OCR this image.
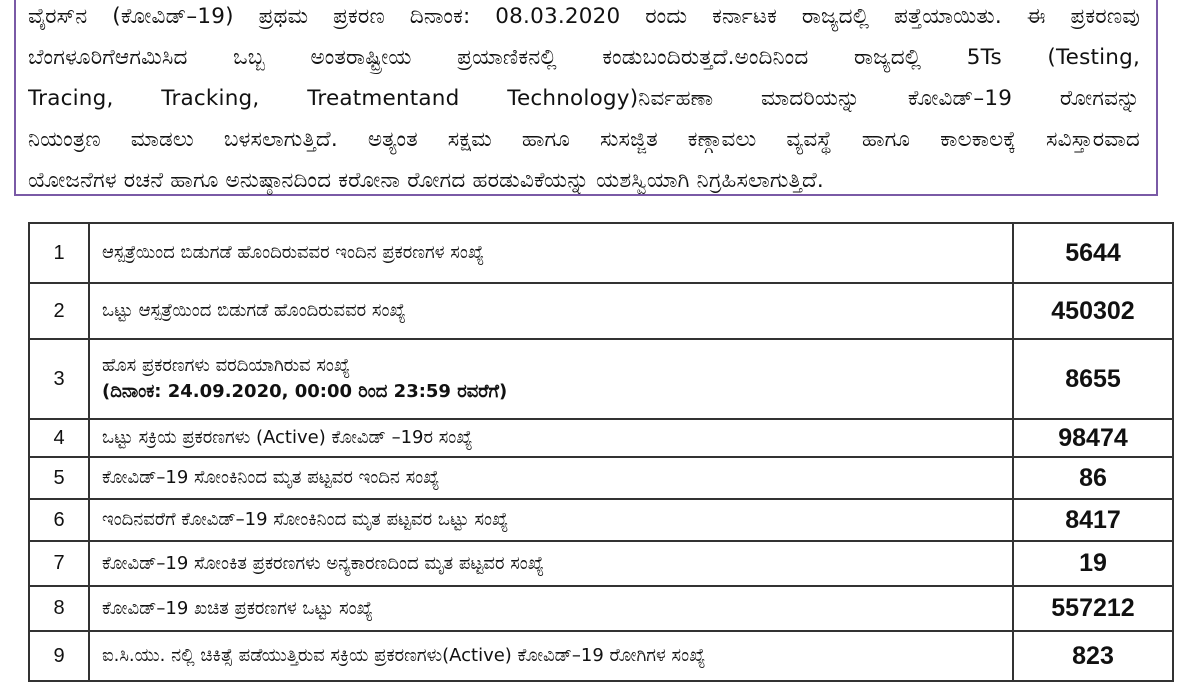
ವೈರಸ್‌ನ (ಕೋವಿಡ್–19) ಪ್ರಥಮ ಪ್ರಕರಣ ದಿನಾಂಕ: 08.03.2020 ರಂದು ಕರ್ನಾಟಕ ರಾಜ್ಯದಲ್ಲಿ ಪತ್ತೆಯಾಯಿತು. ಈ ಪ್ರಕರಣವು
ಬೆಂಗಳೂರಿಗೆಆಗಮಿಸಿದ ಒಬ್ಬ ಅಂತರಾಷ್ಟ್ರೀಯ ಪ್ರಯಾಣಿಕನಲ್ಲಿ ಕಂಡುಬಂದಿರುತ್ತದೆ.ಅಂದಿನಿಂದ ರಾಜ್ಯದಲ್ಲಿ 5Ts (Testing,
Tracing, Tracking, Treatmentand Technology)ನಿರ್ವಹಣಾ ಮಾದರಿಯನ್ನು ಕೋವಿಡ್–19 ರೋಗವನ್ನು
ನಿಯಂತ್ರಣ ಮಾಡಲು ಬಳಸಲಾಗುತ್ತಿದೆ. ಅತ್ಯಂತ ಸಕ್ಷಮ ಹಾಗೂ ಸುಸಜ್ಜಿತ ಕಣ್ಗಾವಲು ವ್ಯವಸ್ಥೆ ಹಾಗೂ ಕಾಲಕಾಲಕ್ಕೆ ಸವಿಸ್ತಾರವಾದ
ಯೋಜನೆಗಳ ರಚನೆ ಹಾಗೂ ಅನುಷ್ಠಾನದಿಂದ ಕರೋನಾ ರೋಗದ ಹರಡುವಿಕೆಯನ್ನು ಯಶಸ್ವಿಯಾಗಿ ನಿಗ್ರಹಿಸಲಾಗುತ್ತಿದೆ.
1	ಆಸ್ಪತ್ರೆಯಿಂದ ಬಿಡುಗಡೆ ಹೊಂದಿರುವವರ ಇಂದಿನ ಪ್ರಕರಣಗಳ ಸಂಖ್ಯೆ	5644
2	ಒಟ್ಟು ಆಸ್ಪತ್ರೆಯಿಂದ ಬಿಡುಗಡೆ ಹೊಂದಿರುವವರ ಸಂಖ್ಯೆ	450302
3	ಹೊಸ ಪ್ರಕರಣಗಳು ವರದಿಯಾಗಿರುವ ಸಂಖ್ಯೆ
(ದಿನಾಂಕ: 24.09.2020, 00:00 ರಿಂದ 23:59 ರವರೆಗೆ)	8655
4	ಒಟ್ಟು ಸಕ್ರಿಯ ಪ್ರಕರಣಗಳು (Active) ಕೋವಿಡ್ –19ರ ಸಂಖ್ಯೆ	98474
5	ಕೋವಿಡ್–19 ಸೋಂಕಿನಿಂದ ಮೃತ ಪಟ್ಟವರ ಇಂದಿನ ಸಂಖ್ಯೆ	86
6	ಇಂದಿನವರೆಗೆ ಕೋವಿಡ್–19 ಸೋಂಕಿನಿಂದ ಮೃತ ಪಟ್ಟವರ ಒಟ್ಟು ಸಂಖ್ಯೆ	8417
7	ಕೋವಿಡ್–19 ಸೋಂಕಿತ ಪ್ರಕರಣಗಳು ಅನ್ಯಕಾರಣದಿಂದ ಮೃತ ಪಟ್ಟವರ ಸಂಖ್ಯೆ	19
8	ಕೋವಿಡ್–19 ಖಚಿತ ಪ್ರಕರಣಗಳ ಒಟ್ಟು ಸಂಖ್ಯೆ	557212
9	ಐ.ಸಿ.ಯು. ನಲ್ಲಿ ಚಿಕಿತ್ಸೆ ಪಡೆಯುತ್ತಿರುವ ಸಕ್ರಿಯ ಪ್ರಕರಣಗಳು(Active) ಕೋವಿಡ್–19 ರೋಗಿಗಳ ಸಂಖ್ಯೆ	823
